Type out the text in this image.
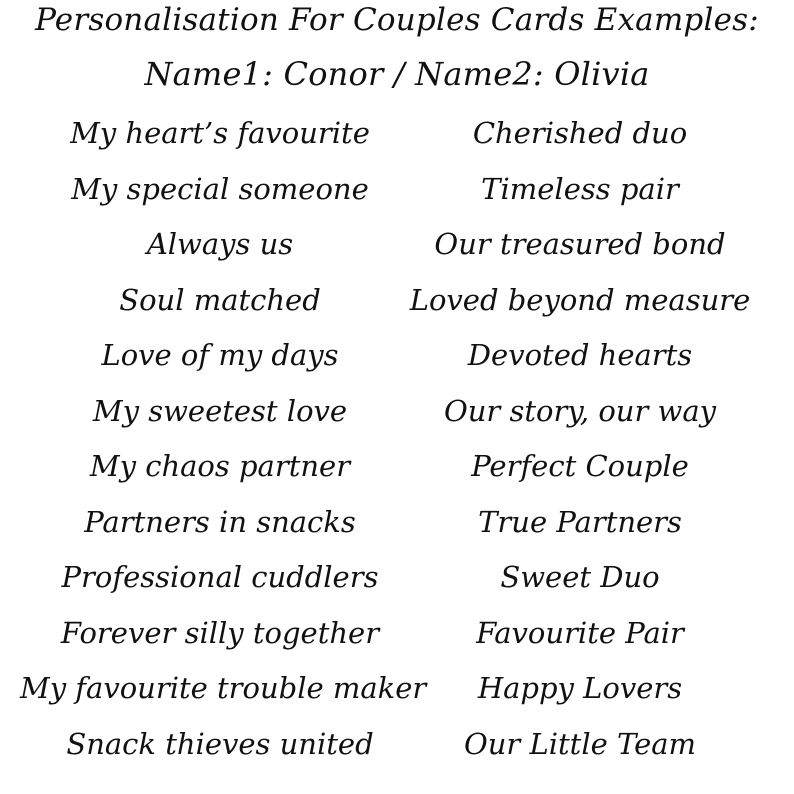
Personalisation For Couples Cards Examples:
Name1: Conor / Name2: Olivia
My heart’s favourite
My special someone
Always us
Soul matched
Love of my days
My sweetest love
My chaos partner
Partners in snacks
Professional cuddlers
Forever silly together
My favourite trouble maker
Snack thieves united
Cherished duo
Timeless pair
Our treasured bond
Loved beyond measure
Devoted hearts
Our story, our way
Perfect Couple
True Partners
Sweet Duo
Favourite Pair
Happy Lovers
Our Little Team
